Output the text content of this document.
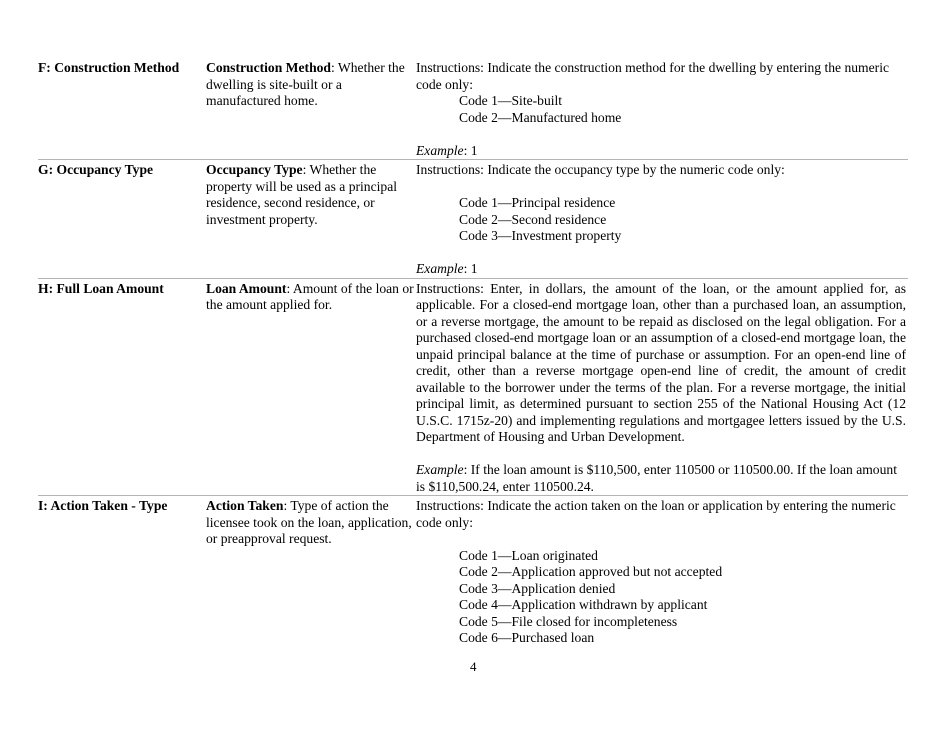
F: Construction Method	Construction Method: Whether the dwelling is site-built or a manufactured home.
Instructions: Indicate the construction method for the dwelling by entering the numeric code only:
Code 1—Site-built
Code 2—Manufactured home
Example: 1
G: Occupancy Type	Occupancy Type: Whether the property will be used as a principal residence, second residence, or investment property.
Instructions: Indicate the occupancy type by the numeric code only:
Code 1—Principal residence
Code 2—Second residence
Code 3—Investment property
Example: 1
H: Full Loan Amount	Loan Amount: Amount of the loan or the amount applied for.
Instructions: Enter, in dollars, the amount of the loan, or the amount applied for, as applicable. For a closed-end mortgage loan, other than a purchased loan, an assumption, or a reverse mortgage, the amount to be repaid as disclosed on the legal obligation. For a purchased closed-end mortgage loan or an assumption of a closed-end mortgage loan, the unpaid principal balance at the time of purchase or assumption. For an open-end line of credit, other than a reverse mortgage open-end line of credit, the amount of credit available to the borrower under the terms of the plan. For a reverse mortgage, the initial principal limit, as determined pursuant to section 255 of the National Housing Act (12 U.S.C. 1715z-20) and implementing regulations and mortgagee letters issued by the U.S. Department of Housing and Urban Development.
Example: If the loan amount is $110,500, enter 110500 or 110500.00. If the loan amount is $110,500.24, enter 110500.24.
I: Action Taken - Type	Action Taken: Type of action the licensee took on the loan, application, or preapproval request.
Instructions: Indicate the action taken on the loan or application by entering the numeric code only:
Code 1—Loan originated
Code 2—Application approved but not accepted
Code 3—Application denied
Code 4—Application withdrawn by applicant
Code 5—File closed for incompleteness
Code 6—Purchased loan
4
